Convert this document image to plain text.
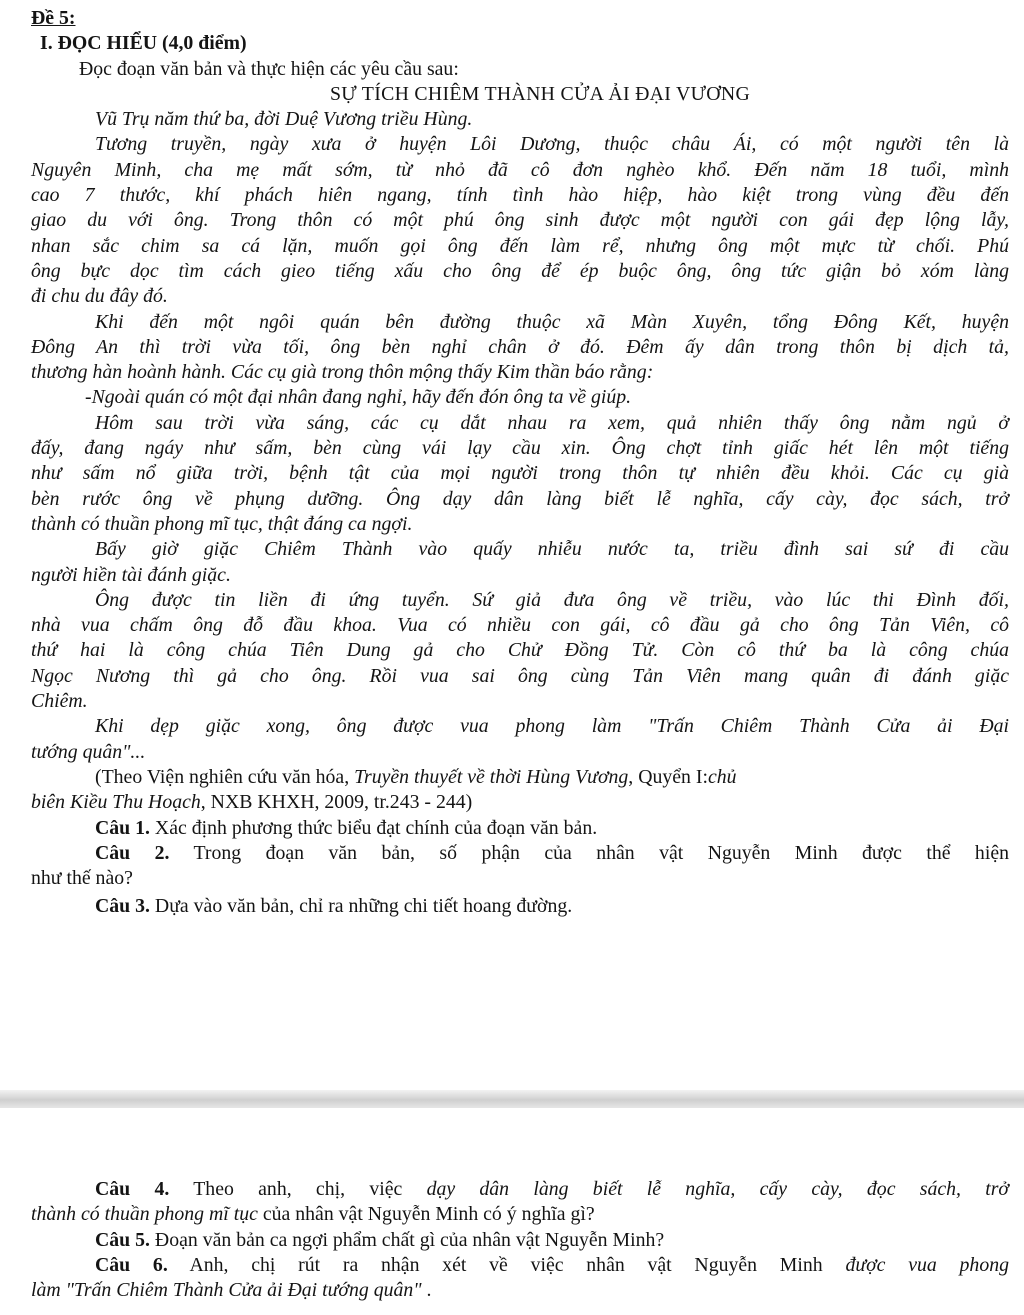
Đề 5:

I. ĐỌC HIỂU (4,0 điểm)

Đọc đoạn văn bản và thực hiện các yêu cầu sau:

SỰ TÍCH CHIÊM THÀNH CỬA ẢI ĐẠI VƯƠNG

Vũ Trụ năm thứ ba, đời Duệ Vương triều Hùng.

Tương truyền, ngày xưa ở huyện Lôi Dương, thuộc châu Ái, có một người tên là

Nguyên Minh, cha mẹ mất sớm, từ nhỏ đã cô đơn nghèo khổ. Đến năm 18 tuổi, mình

cao 7 thước, khí phách hiên ngang, tính tình hào hiệp, hào kiệt trong vùng đều đến

giao du với ông. Trong thôn có một phú ông sinh được một người con gái đẹp lộng lẫy,

nhan sắc chim sa cá lặn, muốn gọi ông đến làm rể, nhưng ông một mực từ chối. Phú

ông bực dọc tìm cách gieo tiếng xấu cho ông để ép buộc ông, ông tức giận bỏ xóm làng

đi chu du đây đó.

Khi đến một ngôi quán bên đường thuộc xã Màn Xuyên, tổng Đông Kết, huyện

Đông An thì trời vừa tối, ông bèn nghỉ chân ở đó. Đêm ấy dân trong thôn bị dịch tả,

thương hàn hoành hành. Các cụ già trong thôn mộng thấy Kim thần báo rằng:

-Ngoài quán có một đại nhân đang nghỉ, hãy đến đón ông ta về giúp.

Hôm sau trời vừa sáng, các cụ dắt nhau ra xem, quả nhiên thấy ông nằm ngủ ở

đấy, đang ngáy như sấm, bèn cùng vái lạy cầu xin. Ông chợt tỉnh giấc hét lên một tiếng

như sấm nổ giữa trời, bệnh tật của mọi người trong thôn tự nhiên đều khỏi. Các cụ già

bèn rước ông về phụng dưỡng. Ông dạy dân làng biết lễ nghĩa, cấy cày, đọc sách, trở

thành có thuần phong mĩ tục, thật đáng ca ngợi.

Bấy giờ giặc Chiêm Thành vào quấy nhiễu nước ta, triều đình sai sứ đi cầu

người hiền tài đánh giặc.

Ông được tin liền đi ứng tuyển. Sứ giả đưa ông về triều, vào lúc thi Đình đối,

nhà vua chấm ông đỗ đầu khoa. Vua có nhiều con gái, cô đầu gả cho ông Tản Viên, cô

thứ hai là công chúa Tiên Dung gả cho Chử Đồng Tử. Còn cô thứ ba là công chúa

Ngọc Nương thì gả cho ông. Rồi vua sai ông cùng Tản Viên mang quân đi đánh giặc

Chiêm.

Khi dẹp giặc xong, ông được vua phong làm "Trấn Chiêm Thành Cửa ải Đại

tướng quân"...

(Theo Viện nghiên cứu văn hóa, Truyền thuyết về thời Hùng Vương, Quyển I:chủ

biên Kiều Thu Hoạch, NXB KHXH, 2009, tr.243 - 244)

Câu 1. Xác định phương thức biểu đạt chính của đoạn văn bản.

Câu 2. Trong đoạn văn bản, số phận của nhân vật Nguyễn Minh được thể hiện

như thế nào?

Câu 3. Dựa vào văn bản, chỉ ra những chi tiết hoang đường.

Câu 4. Theo anh, chị, việc dạy dân làng biết lễ nghĩa, cấy cày, đọc sách, trở

thành có thuần phong mĩ tục của nhân vật Nguyễn Minh có ý nghĩa gì?

Câu 5. Đoạn văn bản ca ngợi phẩm chất gì của nhân vật Nguyễn Minh?

Câu 6. Anh, chị rút ra nhận xét về việc nhân vật Nguyễn Minh được vua phong

làm "Trấn Chiêm Thành Cửa ải Đại tướng quân" .
